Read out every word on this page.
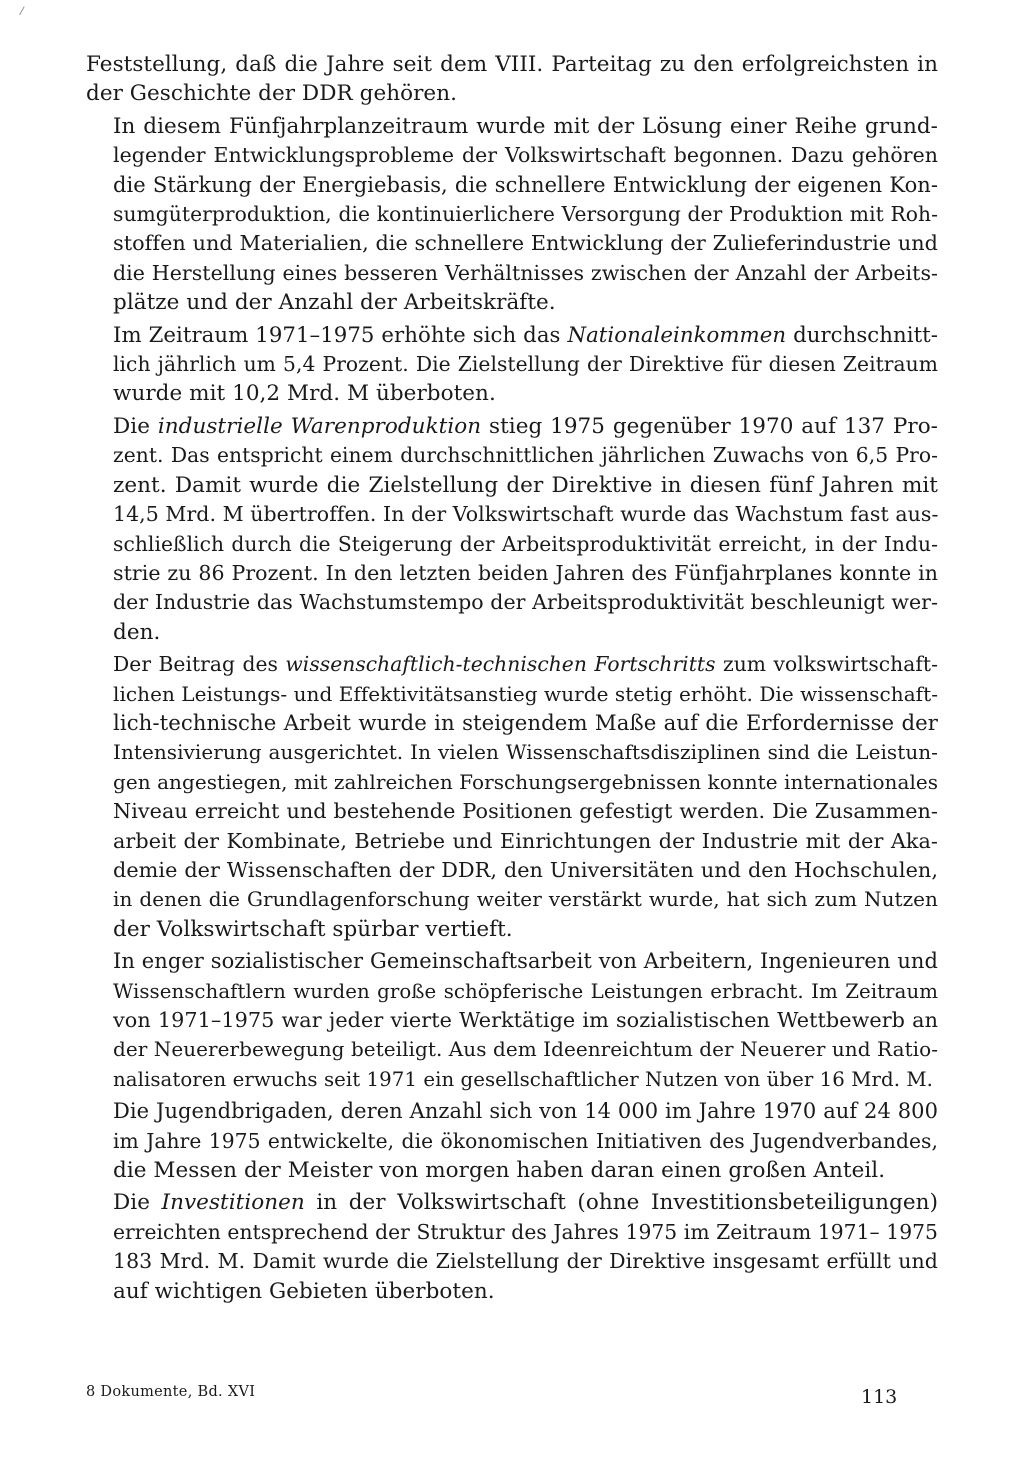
/

Feststellung, daß die Jahre seit dem VIII. Parteitag zu den erfolgreichsten in
der Geschichte der DDR gehören.

In diesem Fünfjahrplanzeitraum wurde mit der Lösung einer Reihe grund-
legender Entwicklungsprobleme der Volkswirtschaft begonnen. Dazu gehören
die Stärkung der Energiebasis, die schnellere Entwicklung der eigenen Kon-
sumgüterproduktion, die kontinuierlichere Versorgung der Produktion mit Roh-
stoffen und Materialien, die schnellere Entwicklung der Zulieferindustrie und
die Herstellung eines besseren Verhältnisses zwischen der Anzahl der Arbeits-
plätze und der Anzahl der Arbeitskräfte.

Im Zeitraum 1971–1975 erhöhte sich das Nationaleinkommen durchschnitt-
lich jährlich um 5,4 Prozent. Die Zielstellung der Direktive für diesen Zeitraum
wurde mit 10,2 Mrd. M überboten.

Die industrielle Warenproduktion stieg 1975 gegenüber 1970 auf 137 Pro-
zent. Das entspricht einem durchschnittlichen jährlichen Zuwachs von 6,5 Pro-
zent. Damit wurde die Zielstellung der Direktive in diesen fünf Jahren mit
14,5 Mrd. M übertroffen. In der Volkswirtschaft wurde das Wachstum fast aus-
schließlich durch die Steigerung der Arbeitsproduktivität erreicht, in der Indu-
strie zu 86 Prozent. In den letzten beiden Jahren des Fünfjahrplanes konnte in
der Industrie das Wachstumstempo der Arbeitsproduktivität beschleunigt wer-
den.

Der Beitrag des wissenschaftlich-technischen Fortschritts zum volkswirtschaft-
lichen Leistungs- und Effektivitätsanstieg wurde stetig erhöht. Die wissenschaft-
lich-technische Arbeit wurde in steigendem Maße auf die Erfordernisse der
Intensivierung ausgerichtet. In vielen Wissenschaftsdisziplinen sind die Leistun-
gen angestiegen, mit zahlreichen Forschungsergebnissen konnte internationales
Niveau erreicht und bestehende Positionen gefestigt werden. Die Zusammen-
arbeit der Kombinate, Betriebe und Einrichtungen der Industrie mit der Aka-
demie der Wissenschaften der DDR, den Universitäten und den Hochschulen,
in denen die Grundlagenforschung weiter verstärkt wurde, hat sich zum Nutzen
der Volkswirtschaft spürbar vertieft.

In enger sozialistischer Gemeinschaftsarbeit von Arbeitern, Ingenieuren und
Wissenschaftlern wurden große schöpferische Leistungen erbracht. Im Zeitraum
von 1971–1975 war jeder vierte Werktätige im sozialistischen Wettbewerb an
der Neuererbewegung beteiligt. Aus dem Ideenreichtum der Neuerer und Ratio-
nalisatoren erwuchs seit 1971 ein gesellschaftlicher Nutzen von über 16 Mrd. M.

Die Jugendbrigaden, deren Anzahl sich von 14 000 im Jahre 1970 auf 24 800
im Jahre 1975 entwickelte, die ökonomischen Initiativen des Jugendverbandes,
die Messen der Meister von morgen haben daran einen großen Anteil.

Die Investitionen in der Volkswirtschaft (ohne Investitionsbeteiligungen)
erreichten entsprechend der Struktur des Jahres 1975 im Zeitraum 1971– 1975
183 Mrd. M. Damit wurde die Zielstellung der Direktive insgesamt erfüllt und
auf wichtigen Gebieten überboten.

8 Dokumente, Bd. XVI	113
